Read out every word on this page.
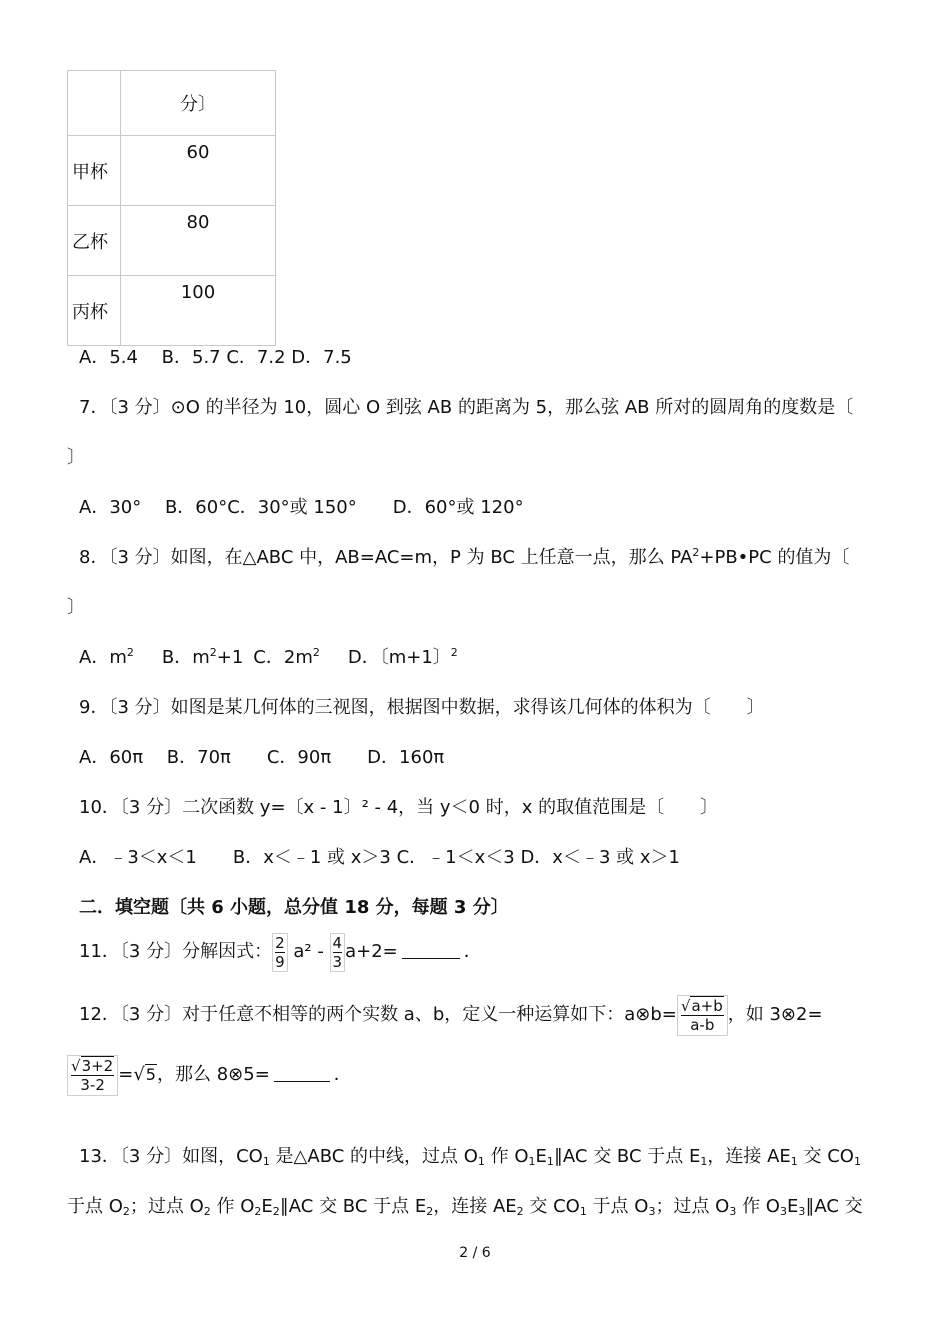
	分〕
甲杯	60
乙杯	80
丙杯	100
A．5.4　 B．5.7 C．7.2 D．7.5
7．〔3 分〕⊙O 的半径为 10，圆心 O 到弦 AB 的距离为 5，那么弦 AB 所对的圆周角的度数是〔
〕
A．30°　 B．60°C．30°或 150°　　D．60°或 120°
8．〔3 分〕如图，在△ABC 中，AB=AC=m，P 为 BC 上任意一点，那么 $PA^2+PB•PC$ 的值为〔
〕
A．$m^2$ B．$m^2+1$ C．$2m^2$ D．〔m+1〕$^2$
9．〔3 分〕如图是某几何体的三视图，根据图中数据，求得该几何体的体积为〔　　〕
A．60π　 B．70π　　C．90π　　D．160π
10．〔3 分〕二次函数 y=〔x - 1〕² - 4，当 y＜0 时，x 的取值范围是〔　　〕
A．﹣3＜x＜1　　B．x＜﹣1 或 x＞3 C．﹣1＜x＜3 D．x＜﹣3 或 x＞1
二．填空题〔共 6 小题，总分值 18 分，每题 3 分〕
11．〔3 分〕分解因式： $\frac{2}{9} a^2 - \frac{4}{3} a+2=$	．
12．〔3 分〕对于任意不相等的两个实数 a、b，定义一种运算如下：a⊗b= $\frac{√a+b}{a-b}$ ，如 3⊗2=
$\frac{√3+2}{3-2} =√5$，那么 8⊗5=	．
13．〔3 分〕如图，$CO_1$ 是△ABC 的中线，过点 $O_1$ 作 $O_1E_1\parallel AC$ 交 BC 于点 $E_1$，连接 $AE_1$ 交 $CO_1$
于点 $O_2$；过点 $O_2$ 作 $O_2E_2\parallel AC$ 交 BC 于点 $E_2$，连接 $AE_2$ 交 $CO_1$ 于点 $O_3$；过点 $O_3$ 作 $O_3E_3\parallel AC$ 交
2 / 6
